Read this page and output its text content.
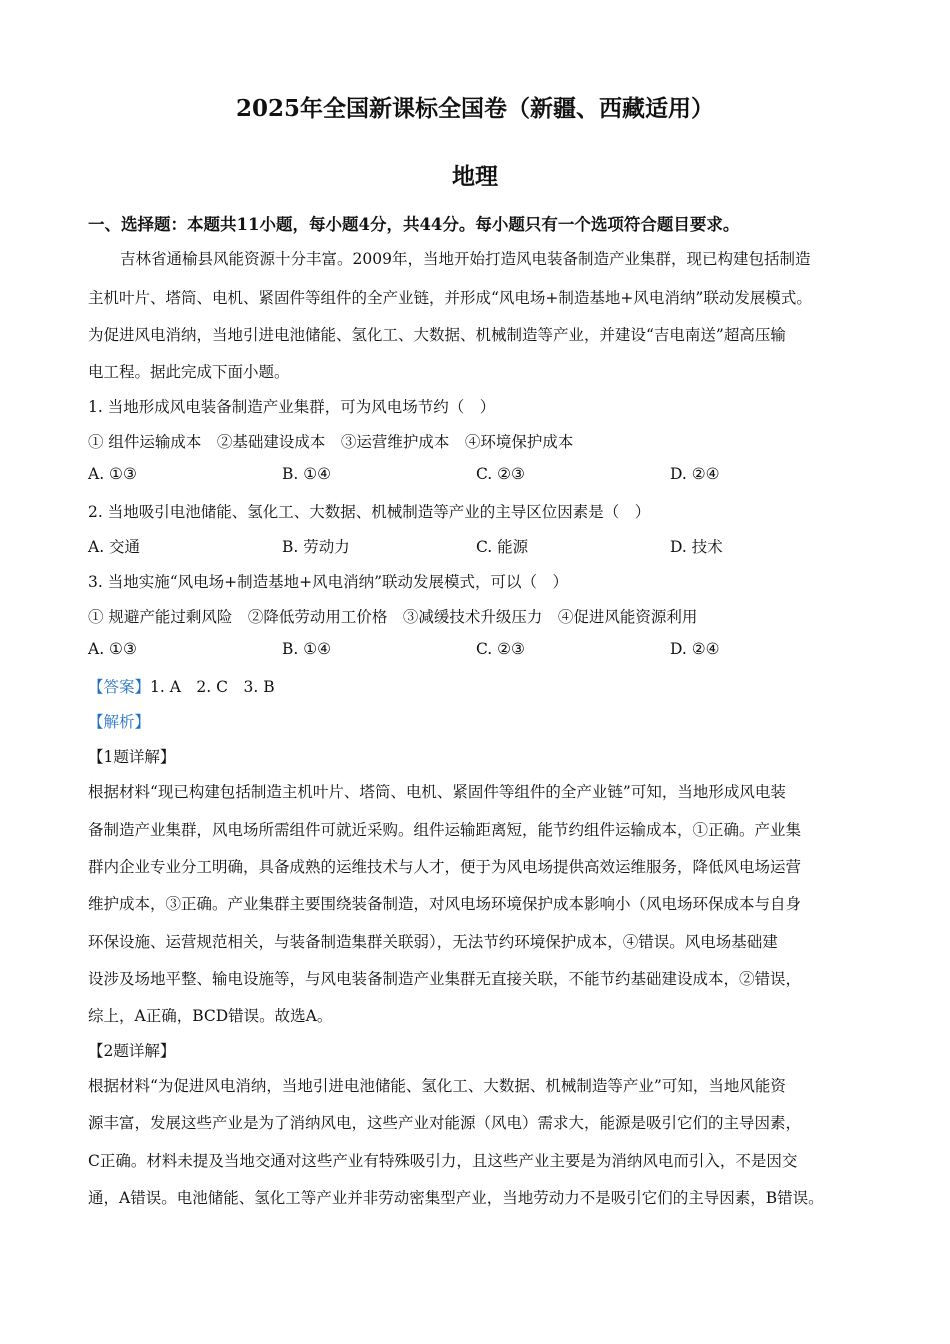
2025年全国新课标全国卷（新疆、西藏适用）
地理
一、选择题：本题共11小题，每小题4分，共44分。每小题只有一个选项符合题目要求。
吉林省通榆县风能资源十分丰富。2009年，当地开始打造风电装备制造产业集群，现已构建包括制造
主机叶片、塔筒、电机、紧固件等组件的全产业链，并形成“风电场+制造基地+风电消纳”联动发展模式。
为促进风电消纳，当地引进电池储能、氢化工、大数据、机械制造等产业，并建设“吉电南送”超高压输
电工程。据此完成下面小题。
1. 当地形成风电装备制造产业集群，可为风电场节约（　）
① 组件运输成本　②基础建设成本　③运营维护成本　④环境保护成本
A. ①③	B. ①④	C. ②③	D. ②④
2. 当地吸引电池储能、氢化工、大数据、机械制造等产业的主导区位因素是（　）
A. 交通	B. 劳动力	C. 能源	D. 技术
3. 当地实施“风电场+制造基地+风电消纳”联动发展模式，可以（　）
① 规避产能过剩风险　②降低劳动用工价格　③减缓技术升级压力　④促进风能资源利用
A. ①③	B. ①④	C. ②③	D. ②④
【答案】1. A　2. C　3. B
【解析】
【1题详解】
根据材料“现已构建包括制造主机叶片、塔筒、电机、紧固件等组件的全产业链”可知，当地形成风电装
备制造产业集群，风电场所需组件可就近采购。组件运输距离短，能节约组件运输成本，①正确。产业集
群内企业专业分工明确，具备成熟的运维技术与人才，便于为风电场提供高效运维服务，降低风电场运营
维护成本，③正确。产业集群主要围绕装备制造，对风电场环境保护成本影响小（风电场环保成本与自身
环保设施、运营规范相关，与装备制造集群关联弱），无法节约环境保护成本，④错误。风电场基础建
设涉及场地平整、输电设施等，与风电装备制造产业集群无直接关联，不能节约基础建设成本，②错误，
综上，A正确，BCD错误。故选A。
【2题详解】
根据材料“为促进风电消纳，当地引进电池储能、氢化工、大数据、机械制造等产业”可知，当地风能资
源丰富，发展这些产业是为了消纳风电，这些产业对能源（风电）需求大，能源是吸引它们的主导因素，
C正确。材料未提及当地交通对这些产业有特殊吸引力，且这些产业主要是为消纳风电而引入，不是因交
通，A错误。电池储能、氢化工等产业并非劳动密集型产业，当地劳动力不是吸引它们的主导因素，B错误。
